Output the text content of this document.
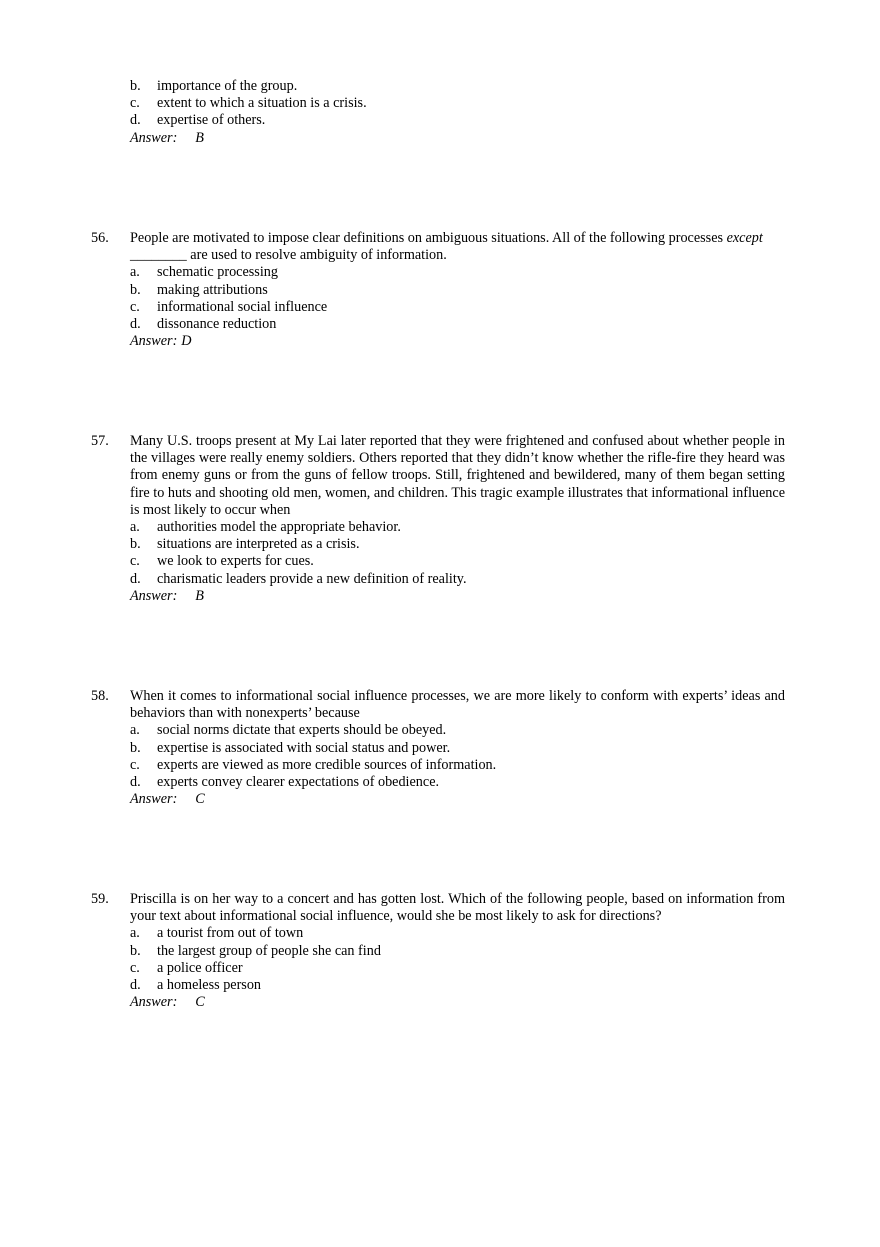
b. importance of the group.
c. extent to which a situation is a crisis.
d. expertise of others.
Answer: B
56. People are motivated to impose clear definitions on ambiguous situations. All of the following processes except
________ are used to resolve ambiguity of information.
a. schematic processing
b. making attributions
c. informational social influence
d. dissonance reduction
Answer: D
57. Many U.S. troops present at My Lai later reported that they were frightened and confused about whether people in the villages were really enemy soldiers. Others reported that they didn’t know whether the rifle-fire they heard was from enemy guns or from the guns of fellow troops. Still, frightened and bewildered, many of them began setting fire to huts and shooting old men, women, and children. This tragic example illustrates that informational influence is most likely to occur when
a. authorities model the appropriate behavior.
b. situations are interpreted as a crisis.
c. we look to experts for cues.
d. charismatic leaders provide a new definition of reality.
Answer: B
58. When it comes to informational social influence processes, we are more likely to conform with experts’ ideas and behaviors than with nonexperts’ because
a. social norms dictate that experts should be obeyed.
b. expertise is associated with social status and power.
c. experts are viewed as more credible sources of information.
d. experts convey clearer expectations of obedience.
Answer: C
59. Priscilla is on her way to a concert and has gotten lost. Which of the following people, based on information from your text about informational social influence, would she be most likely to ask for directions?
a. a tourist from out of town
b. the largest group of people she can find
c. a police officer
d. a homeless person
Answer: C
